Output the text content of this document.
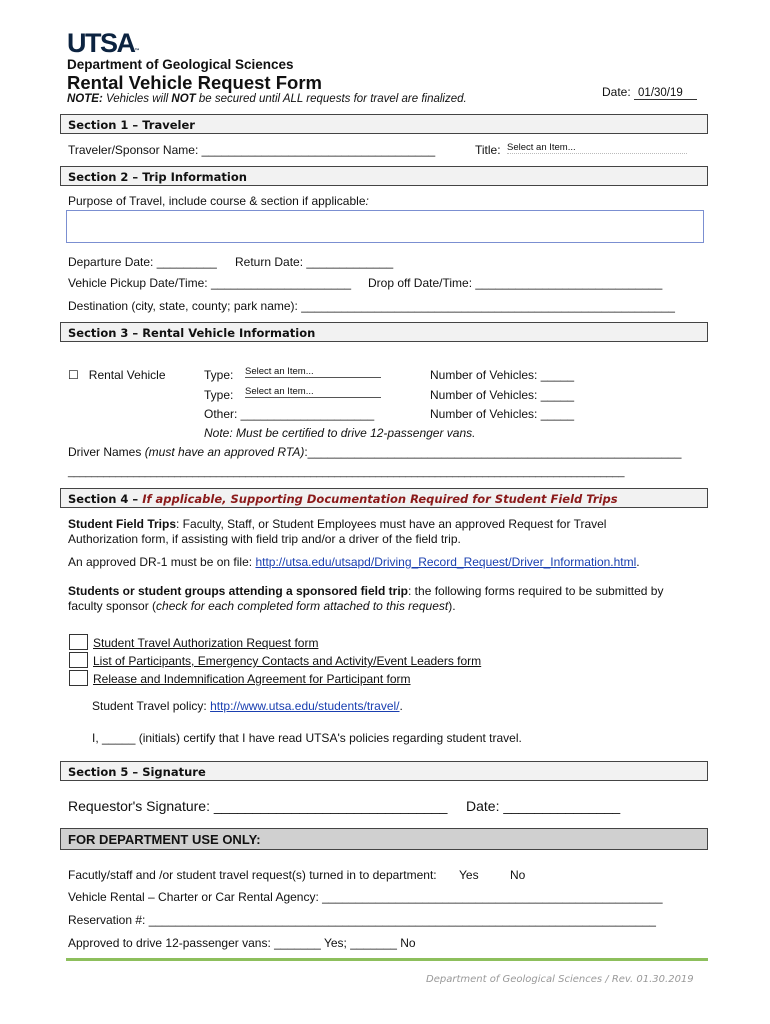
UTSA™
Department of Geological Sciences
Rental Vehicle Request Form
NOTE: Vehicles will NOT be secured until ALL requests for travel are finalized.	Date: 01/30/19
Section 1 – Traveler
Traveler/Sponsor Name: ___________________________________	Title: Select an Item...
Section 2 – Trip Information
Purpose of Travel, include course & section if applicable:
Departure Date: _________ Return Date: _____________
Vehicle Pickup Date/Time: _____________________ Drop off Date/Time: ____________________________
Destination (city, state, county; park name): ________________________________________________________
Section 3 – Rental Vehicle Information
☐ Rental Vehicle	Type: Select an Item...	Number of Vehicles: _____
Type: Select an Item...	Number of Vehicles: _____
Other: ____________________	Number of Vehicles: _____
Note: Must be certified to drive 12-passenger vans.
Driver Names (must have an approved RTA):________________________________________________________
______________________________________________________________________________________________
Section 4 – If applicable, Supporting Documentation Required for Student Field Trips
Student Field Trips: Faculty, Staff, or Student Employees must have an approved Request for Travel Authorization form, if assisting with field trip and/or a driver of the field trip.
An approved DR-1 must be on file: http://utsa.edu/utsapd/Driving_Record_Request/Driver_Information.html.
Students or student groups attending a sponsored field trip: the following forms required to be submitted by faculty sponsor (check for each completed form attached to this request).
Student Travel Authorization Request form
List of Participants, Emergency Contacts and Activity/Event Leaders form
Release and Indemnification Agreement for Participant form
Student Travel policy: http://www.utsa.edu/students/travel/.
I, _____ (initials) certify that I have read UTSA's policies regarding student travel.
Section 5 – Signature
Requestor's Signature: ______________________________ Date: _______________
FOR DEPARTMENT USE ONLY:
Facutly/staff and /or student travel request(s) turned in to department: Yes	No
Vehicle Rental – Charter or Car Rental Agency: ___________________________________________________
Reservation #: ____________________________________________________________________________
Approved to drive 12-passenger vans: _______ Yes; _______ No
Department of Geological Sciences / Rev. 01.30.2019
